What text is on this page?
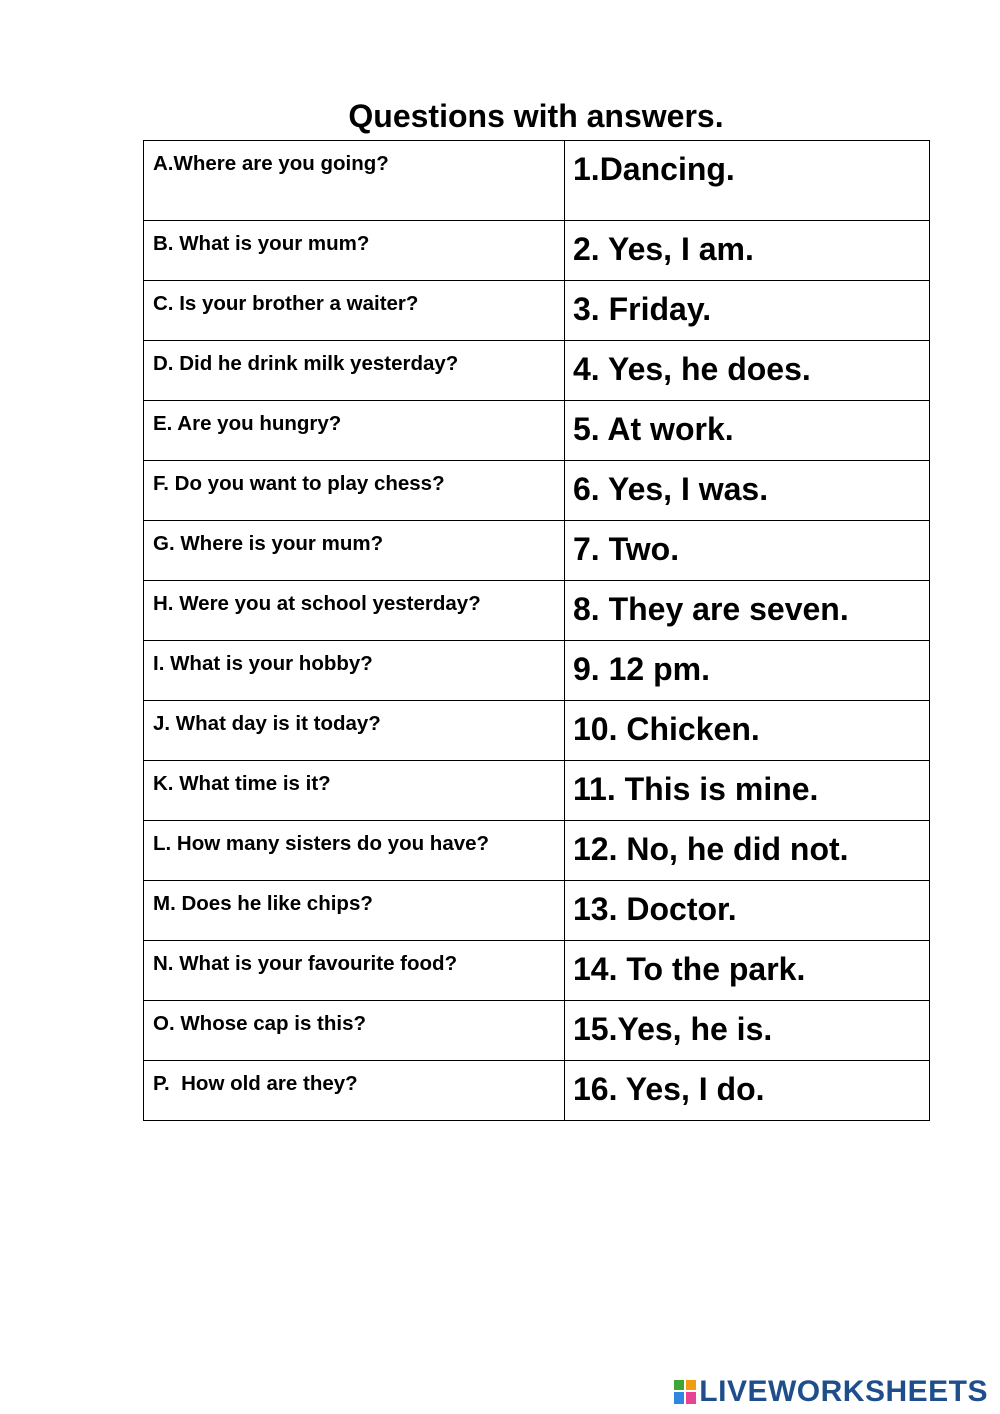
Questions with answers.
A.Where are you going?	1.Dancing.

B. What is your mum?	2. Yes, I am.

C. Is your brother a waiter?	3. Friday.

D. Did he drink milk yesterday?	4. Yes, he does.

E. Are you hungry?	5. At work.

F. Do you want to play chess?	6. Yes, I was.

G. Where is your mum?	7. Two.

H. Were you at school yesterday?	8. They are seven.

I. What is your hobby?	9. 12 pm.

J. What day is it today?	10. Chicken.

K. What time is it?	11. This is mine.

L. How many sisters do you have?	12. No, he did not.

M. Does he like chips?	13. Doctor.

N. What is your favourite food?	14. To the park.

O. Whose cap is this?	15.Yes, he is.

P.  How old are they?	16. Yes, I do.
LIVEWORKSHEETS
